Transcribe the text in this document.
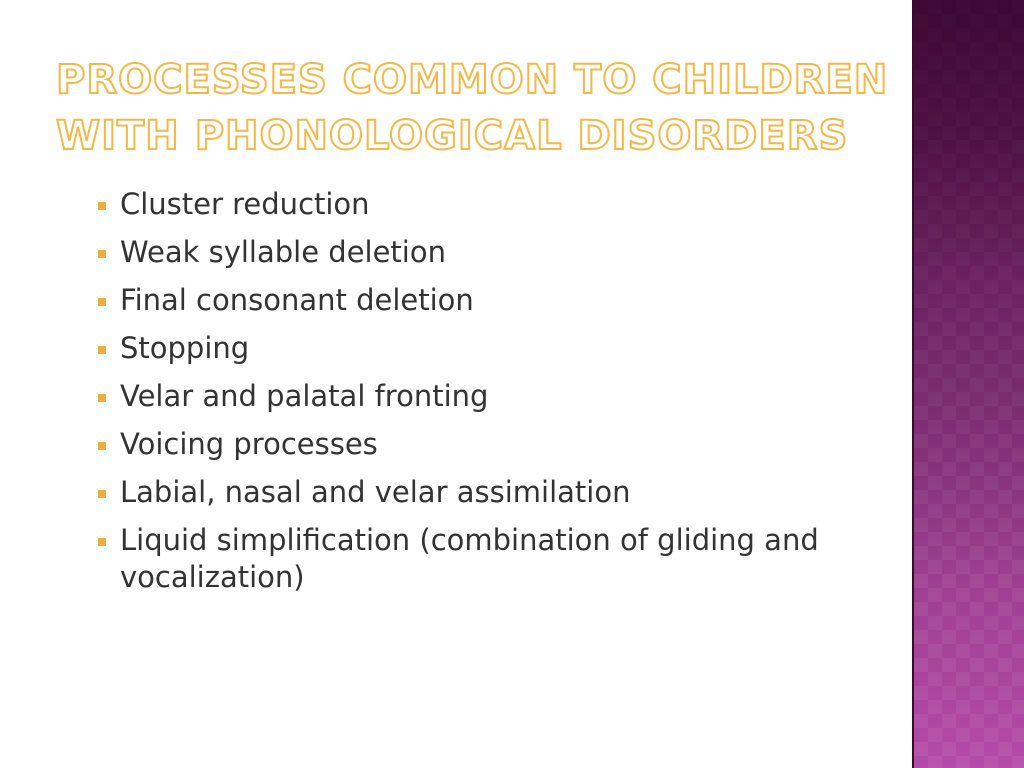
PROCESSES COMMON TO CHILDREN WITH PHONOLOGICAL DISORDERS
Cluster reduction
Weak syllable deletion
Final consonant deletion
Stopping
Velar and palatal fronting
Voicing processes
Labial, nasal and velar assimilation
Liquid simplification (combination of gliding and vocalization)
